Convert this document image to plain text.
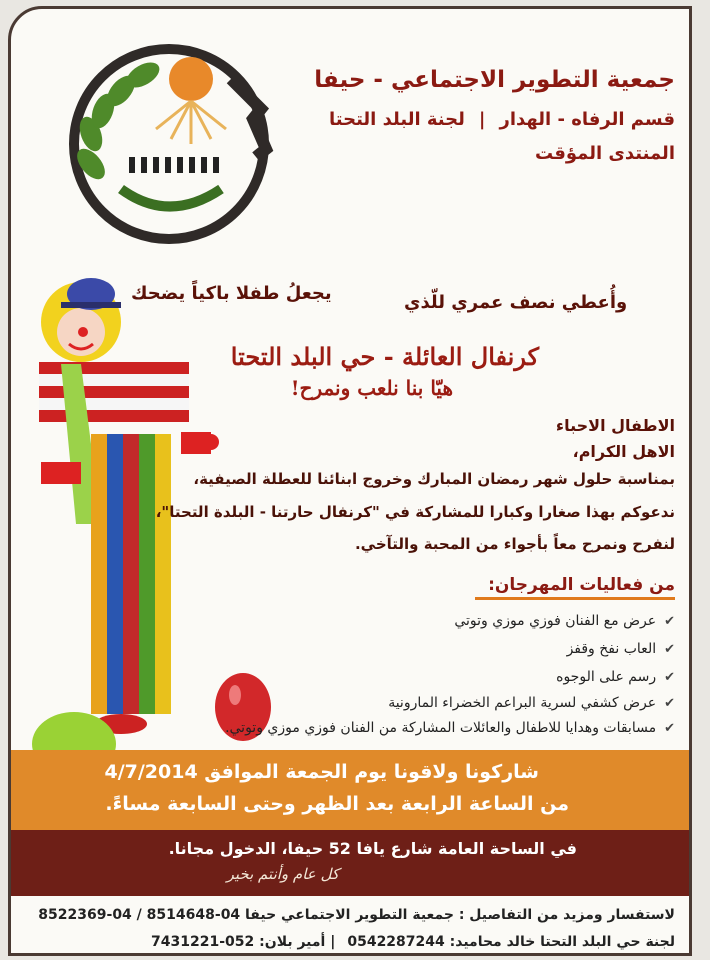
جمعية التطوير الاجتماعي - حيفا
قسم الرفاه - الهدار|لجنة البلد التحتا
المنتدى المؤقت
وأُعطي نصف عمري للّذي
يجعلُ طفلا باكياً يضحك
كرنفال العائلة - حي البلد التحتا
هيّا بنا نلعب ونمرح!
الاطفال الاحباء
الاهل الكرام،
بمناسبة حلول شهر رمضان المبارك وخروج ابنائنا للعطلة الصيفية،
ندعوكم بهذا صغارا وكبارا للمشاركة في "كرنفال حارتنا - البلدة التحتا"،
لنفرح ونمرح معاً بأجواء من المحبة والتآخي.
من فعاليات المهرجان:
✔عرض مع الفنان فوزي موزي وتوتي
✔العاب نفخ وقفز
✔رسم على الوجوه
✔عرض كشفي لسرية البراعم الخضراء المارونية
✔مسابقات وهدايا للاطفال والعائلات المشاركة من الفنان فوزي موزي وتوتي.
شاركونا ولاقونا يوم الجمعة الموافق 4/7/2014
من الساعة الرابعة بعد الظهر وحتى السابعة مساءً.
في الساحة العامة شارع يافا 52 حيفا، الدخول مجانا.
كل عام وأنتم بخير
لاستفسار ومزيد من التفاصيل : جمعية التطوير الاجتماعي حيفا 04-8514648 / 04-8522369
لجنة حي البلد التحتا خالد محاميد: 0542287244| أمير بلان: 052-7431221
